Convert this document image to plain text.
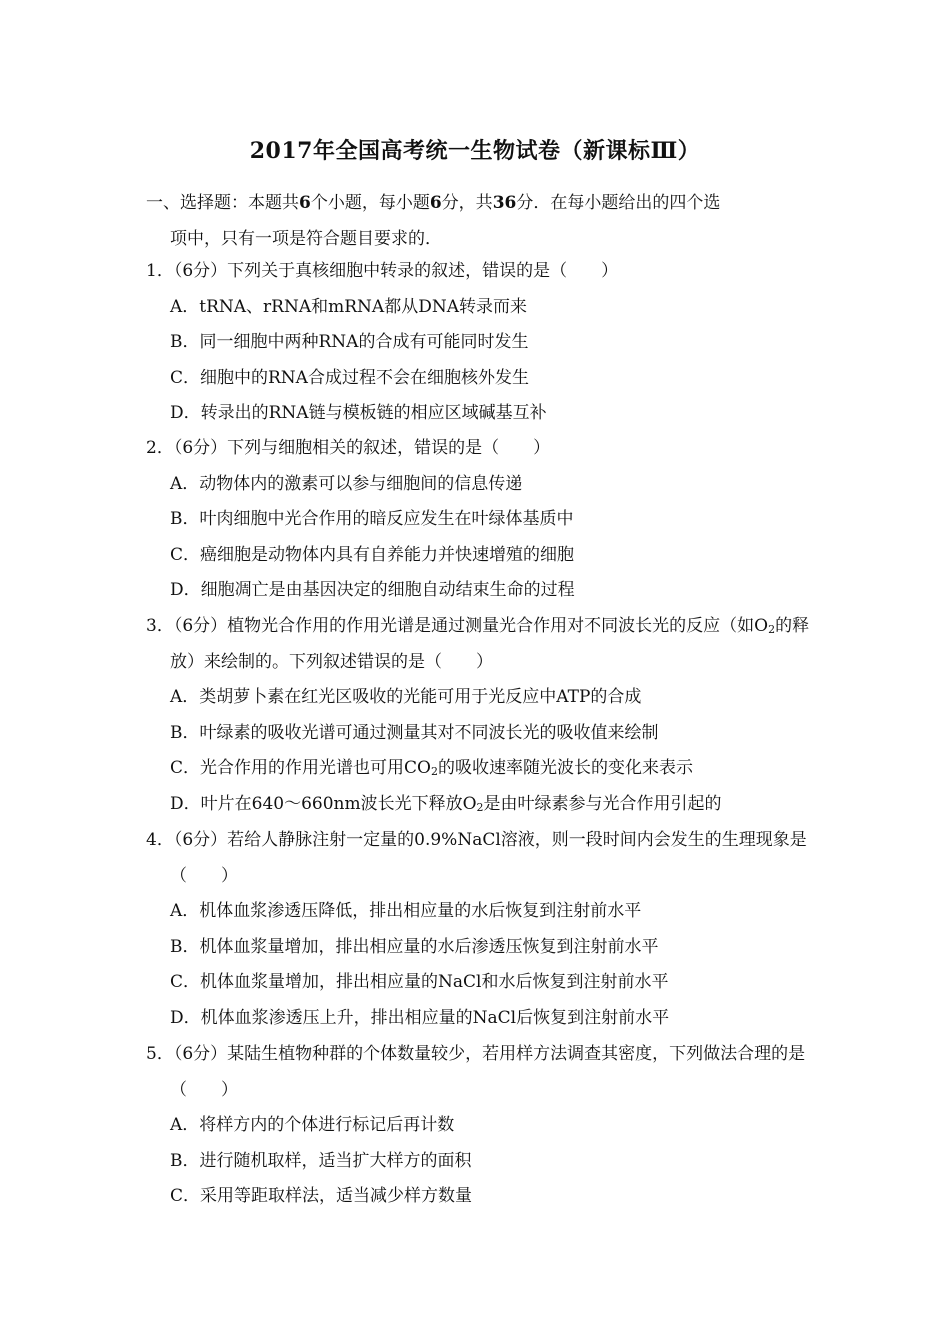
2017年全国高考统一生物试卷（新课标Ⅲ）
一、选择题：本题共6个小题，每小题6分，共36分．在每小题给出的四个选
项中，只有一项是符合题目要求的．
1．（6分）下列关于真核细胞中转录的叙述，错误的是（　　）
A．tRNA、rRNA和mRNA都从DNA转录而来
B．同一细胞中两种RNA的合成有可能同时发生
C．细胞中的RNA合成过程不会在细胞核外发生
D．转录出的RNA链与模板链的相应区域碱基互补
2．（6分）下列与细胞相关的叙述，错误的是（　　）
A．动物体内的激素可以参与细胞间的信息传递
B．叶肉细胞中光合作用的暗反应发生在叶绿体基质中
C．癌细胞是动物体内具有自养能力并快速增殖的细胞
D．细胞凋亡是由基因决定的细胞自动结束生命的过程
3．（6分）植物光合作用的作用光谱是通过测量光合作用对不同波长光的反应（如$O_2$的释放）来绘制的。下列叙述错误的是（　　）
A．类胡萝卜素在红光区吸收的光能可用于光反应中ATP的合成
B．叶绿素的吸收光谱可通过测量其对不同波长光的吸收值来绘制
C．光合作用的作用光谱也可用$CO_2$的吸收速率随光波长的变化来表示
D．叶片在640～660nm波长光下释放$O_2$是由叶绿素参与光合作用引起的
4．（6分）若给人静脉注射一定量的0.9%NaCl溶液，则一段时间内会发生的生理现象是（　　）
A．机体血浆渗透压降低，排出相应量的水后恢复到注射前水平
B．机体血浆量增加，排出相应量的水后渗透压恢复到注射前水平
C．机体血浆量增加，排出相应量的NaCl和水后恢复到注射前水平
D．机体血浆渗透压上升，排出相应量的NaCl后恢复到注射前水平
5．（6分）某陆生植物种群的个体数量较少，若用样方法调查其密度，下列做法合理的是（　　）
A．将样方内的个体进行标记后再计数
B．进行随机取样，适当扩大样方的面积
C．采用等距取样法，适当减少样方数量
